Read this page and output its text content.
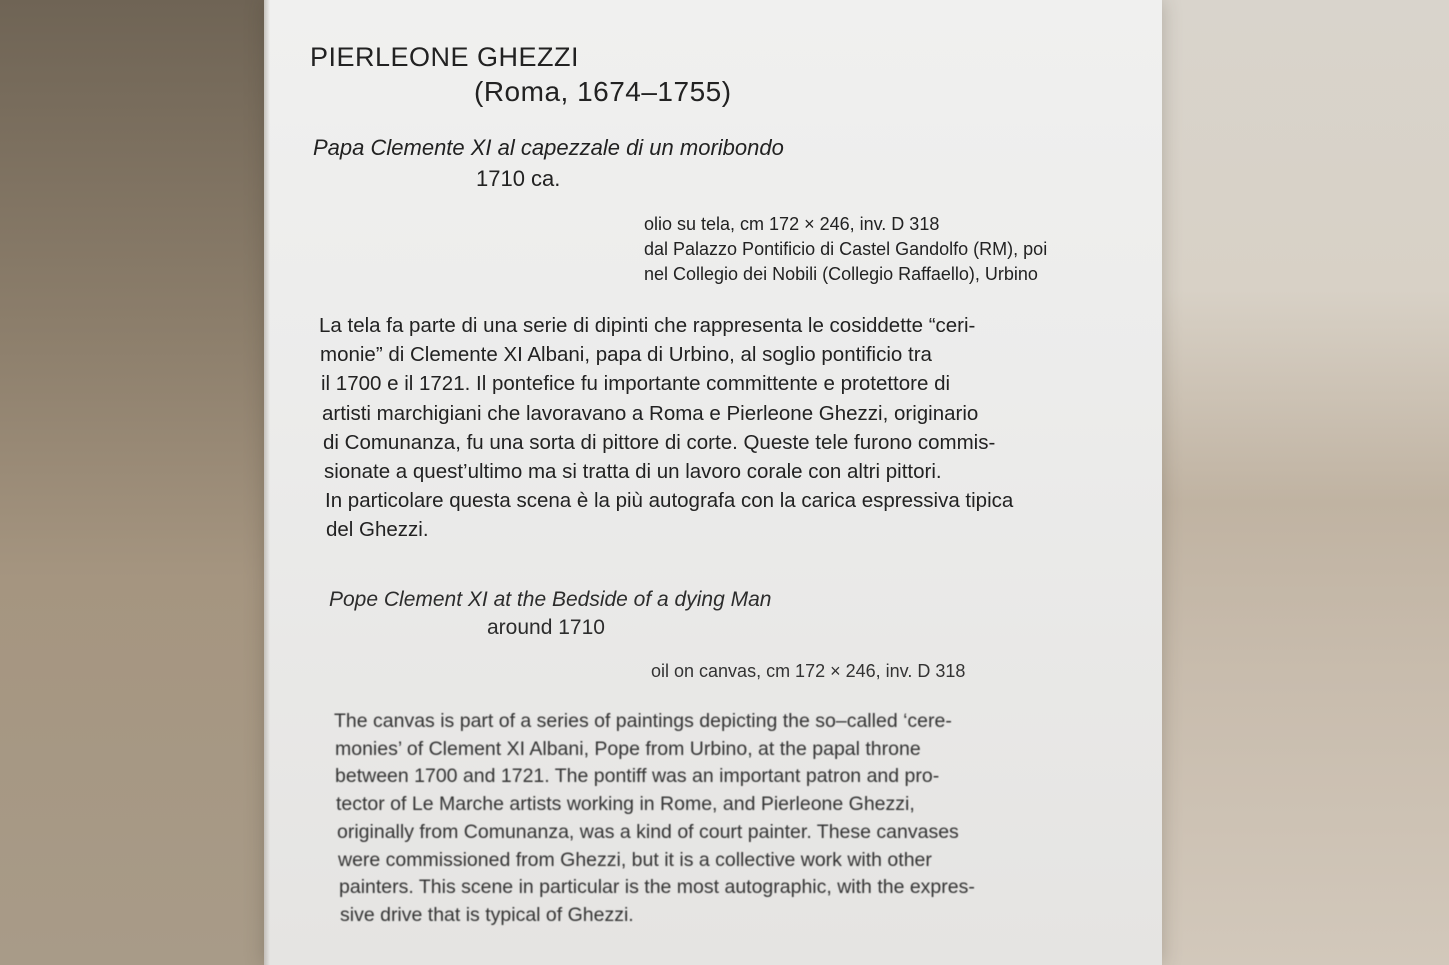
PIERLEONE GHEZZI
(Roma, 1674–1755)
Papa Clemente XI al capezzale di un moribondo
1710 ca.
olio su tela, cm 172 × 246, inv. D 318
dal Palazzo Pontificio di Castel Gandolfo (RM), poi
nel Collegio dei Nobili (Collegio Raffaello), Urbino
La tela fa parte di una serie di dipinti che rappresenta le cosiddette “ceri-
monie” di Clemente XI Albani, papa di Urbino, al soglio pontificio tra
il 1700 e il 1721. Il pontefice fu importante committente e protettore di
artisti marchigiani che lavoravano a Roma e Pierleone Ghezzi, originario
di Comunanza, fu una sorta di pittore di corte. Queste tele furono commis-
sionate a quest’ultimo ma si tratta di un lavoro corale con altri pittori.
In particolare questa scena è la più autografa con la carica espressiva tipica
del Ghezzi.
Pope Clement XI at the Bedside of a dying Man
around 1710
oil on canvas, cm 172 × 246, inv. D 318
The canvas is part of a series of paintings depicting the so–called ‘cere-
monies’ of Clement XI Albani, Pope from Urbino, at the papal throne
between 1700 and 1721. The pontiff was an important patron and pro-
tector of Le Marche artists working in Rome, and Pierleone Ghezzi,
originally from Comunanza, was a kind of court painter. These canvases
were commissioned from Ghezzi, but it is a collective work with other
painters. This scene in particular is the most autographic, with the expres-
sive drive that is typical of Ghezzi.
